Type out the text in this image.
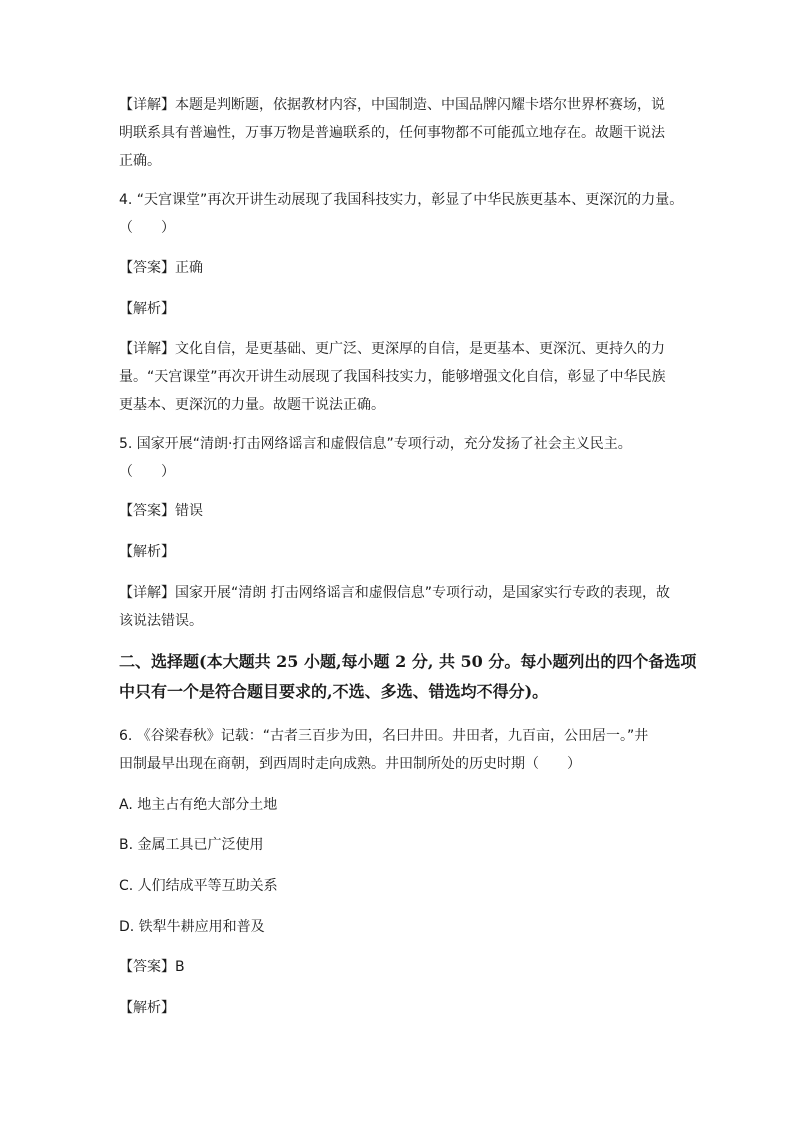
【详解】本题是判断题，依据教材内容，中国制造、中国品牌闪耀卡塔尔世界杯赛场，说
明联系具有普遍性，万事万物是普遍联系的，任何事物都不可能孤立地存在。故题干说法
正确。
4. “天宫课堂”再次开讲生动展现了我国科技实力，彰显了中华民族更基本、更深沉的力量。
（　　）
【答案】正确
【解析】
【详解】文化自信，是更基础、更广泛、更深厚的自信，是更基本、更深沉、更持久的力
量。“天宫课堂”再次开讲生动展现了我国科技实力，能够增强文化自信，彰显了中华民族
更基本、更深沉的力量。故题干说法正确。
5. 国家开展“清朗·打击网络谣言和虚假信息”专项行动，充分发扬了社会主义民主。
（　　）
【答案】错误
【解析】
【详解】国家开展“清朗 打击网络谣言和虚假信息”专项行动，是国家实行专政的表现，故
该说法错误。
二、选择题(本大题共 25 小题,每小题 2 分, 共 50 分。每小题列出的四个备选项
中只有一个是符合题目要求的,不选、多选、错选均不得分)。
6. 《谷梁春秋》记载：“古者三百步为田，名曰井田。井田者，九百亩，公田居一。”井
田制最早出现在商朝，到西周时走向成熟。井田制所处的历史时期（　　）
A. 地主占有绝大部分土地
B. 金属工具已广泛使用
C. 人们结成平等互助关系
D. 铁犁牛耕应用和普及
【答案】B
【解析】
